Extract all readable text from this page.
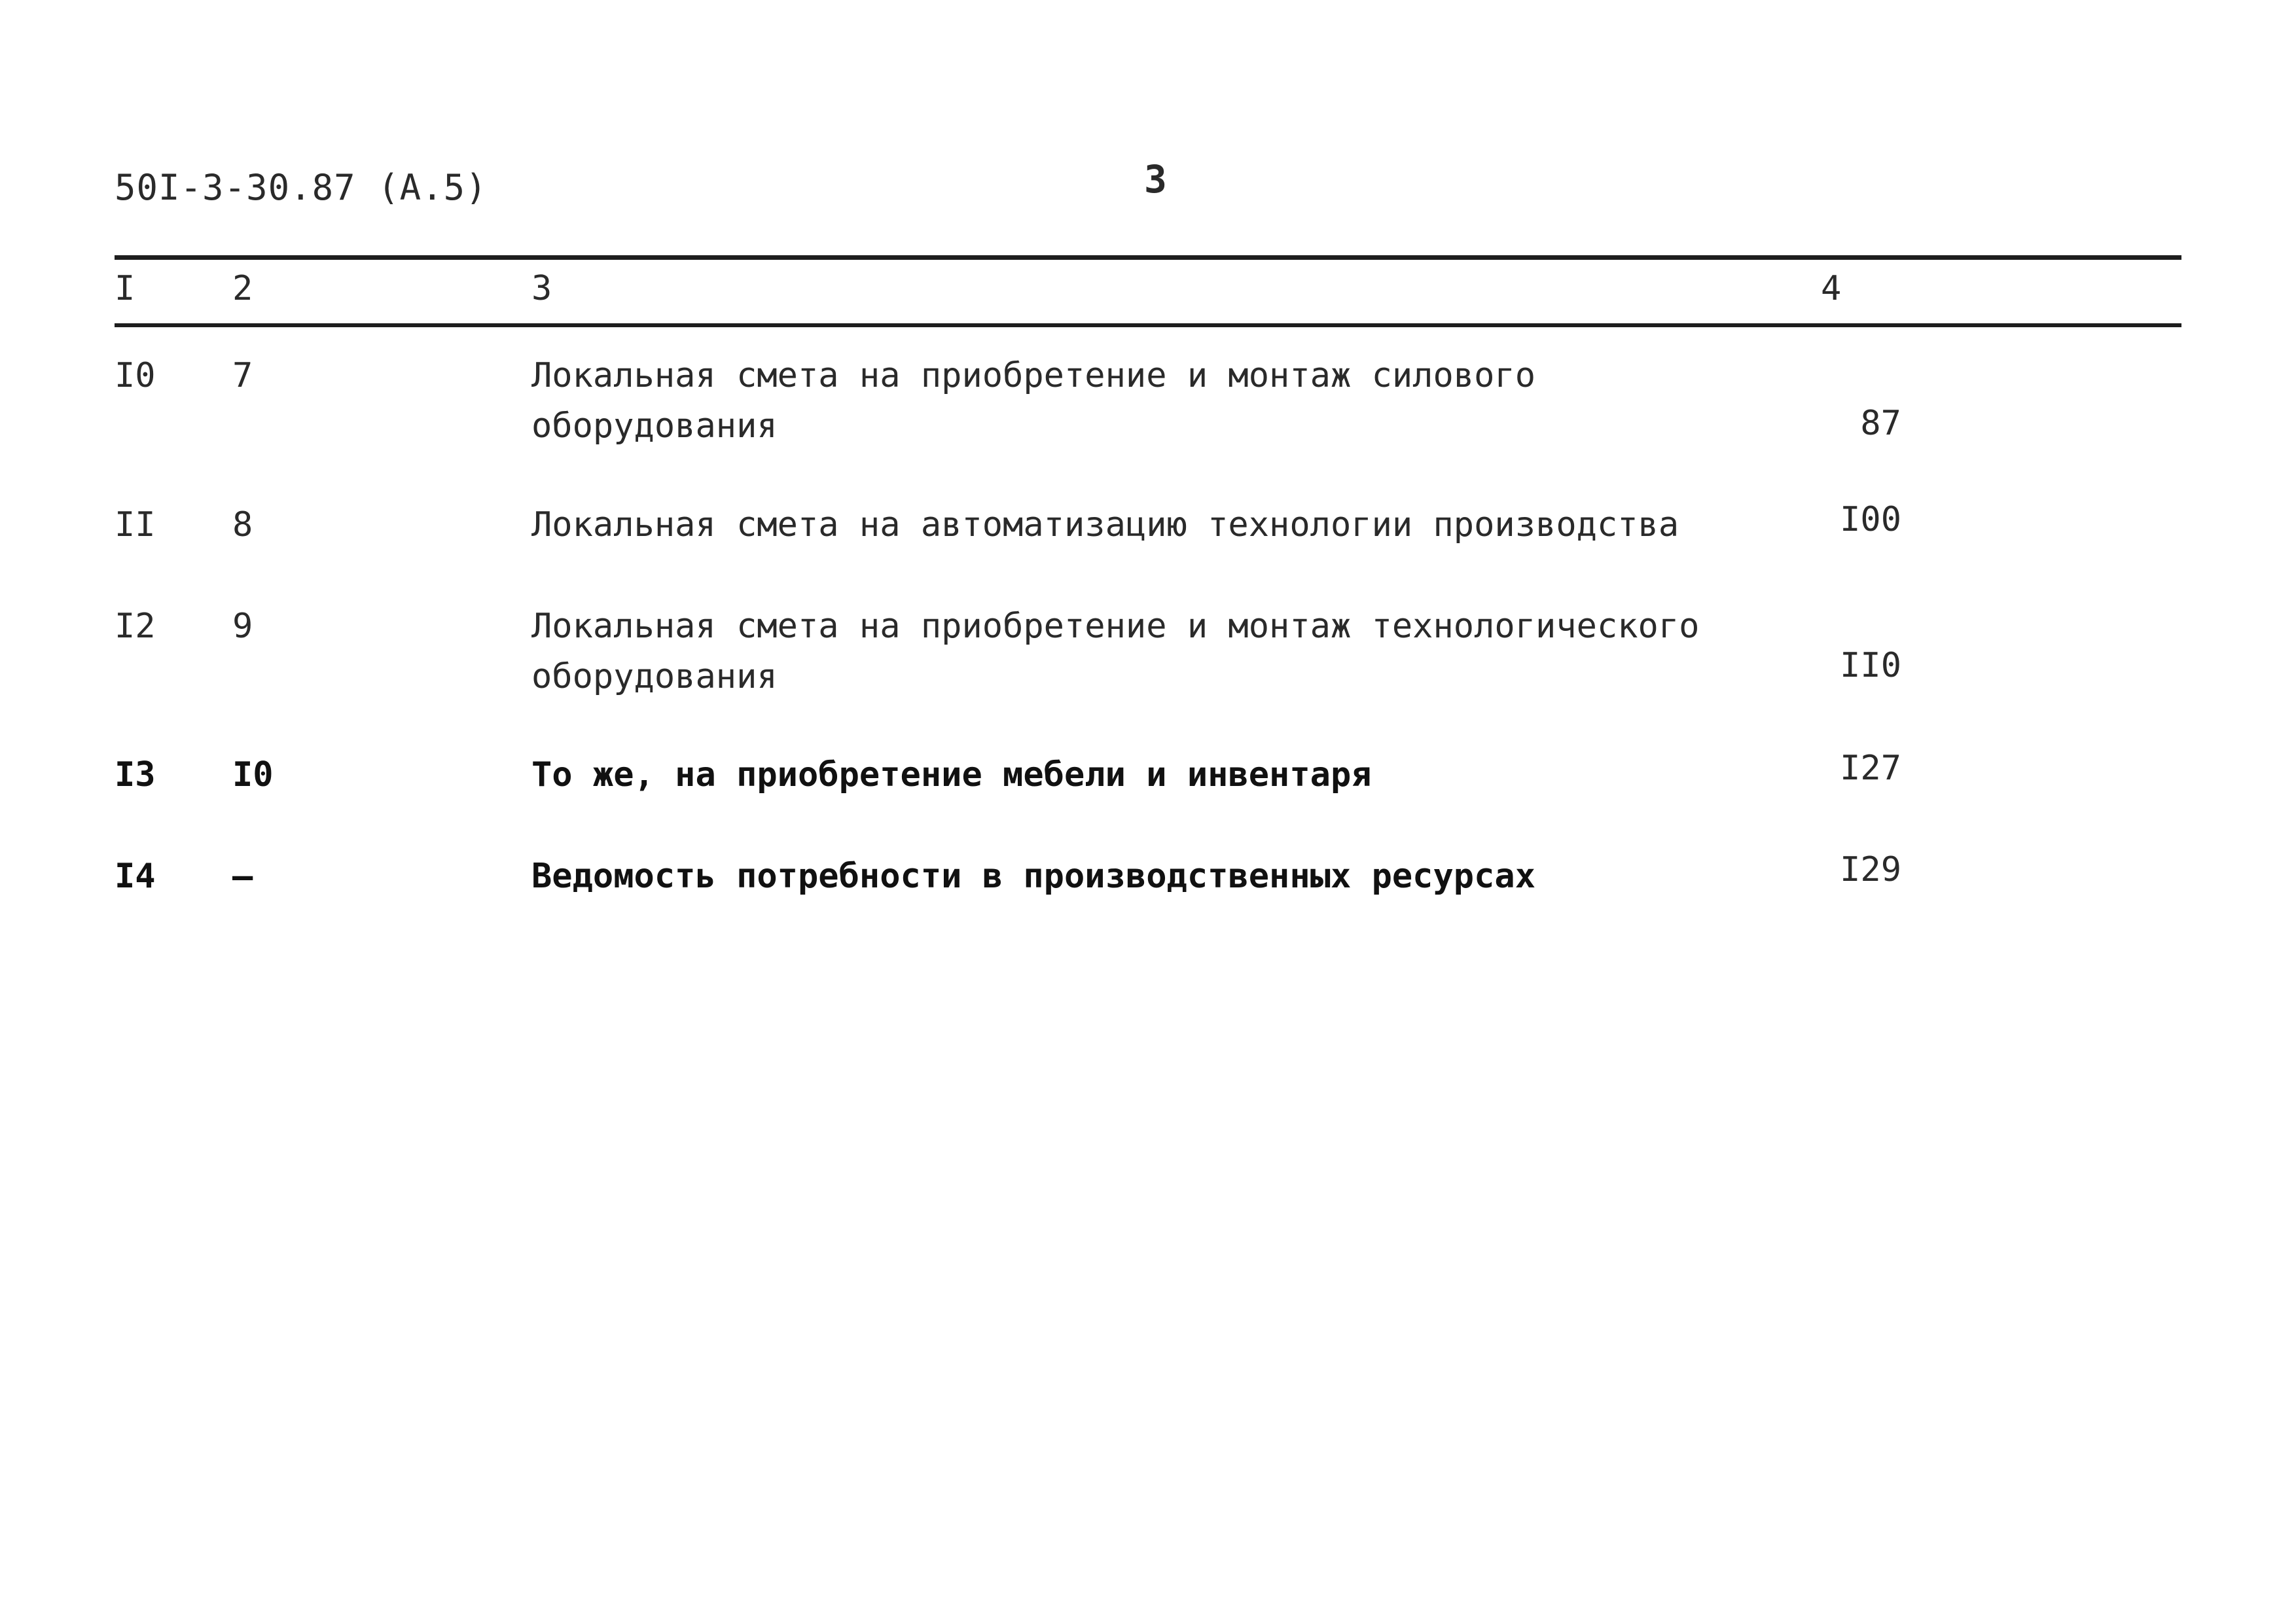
50I-3-30.87 (A.5)	3
I	2	3	4
I0 7	Локальная смета на приобретение и монтаж силового
оборудования	87
II 8	Локальная смета на автоматизацию технологии производства	I00
I2 9	Локальная смета на приобретение и монтаж технологического
оборудования	II0
I3 I0	То же, на приобретение мебели и инвентаря	I27
I4 –	Ведомость потребности в производственных ресурсах	I29
